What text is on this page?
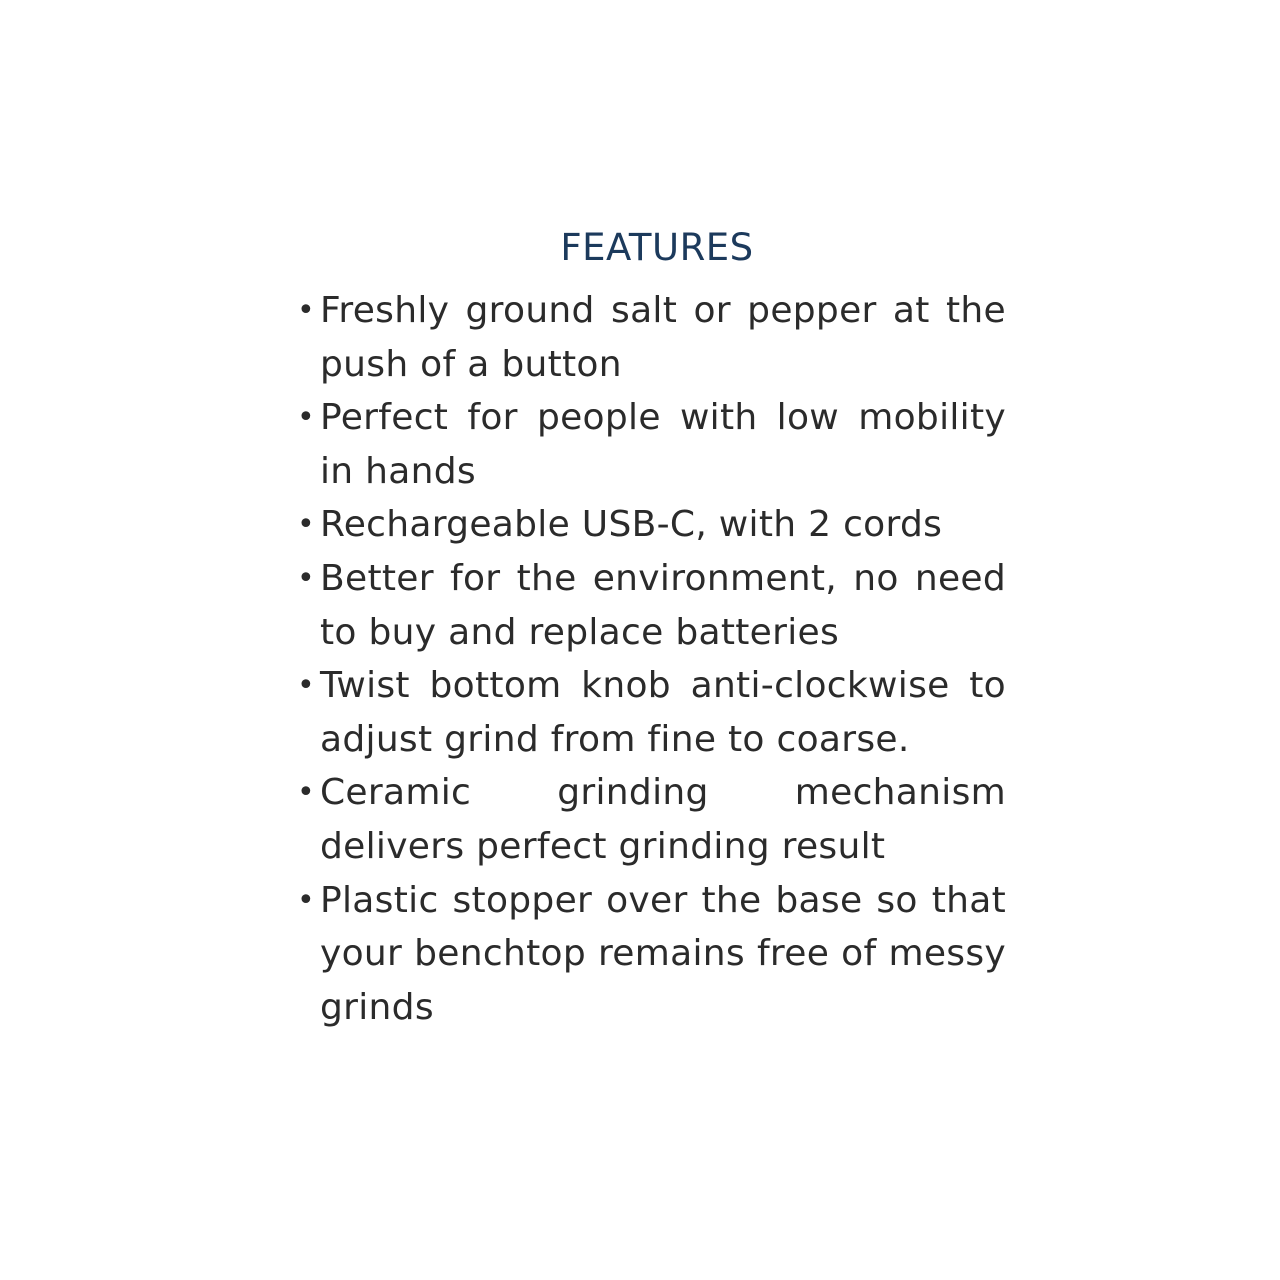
FEATURES
• Freshly ground salt or pepper at the push of a button
• Perfect for people with low mobility in hands
• Rechargeable USB-C, with 2 cords
• Better for the environment, no need to buy and replace batteries
• Twist bottom knob anti-clockwise to adjust grind from fine to coarse.
• Ceramic grinding mechanism delivers perfect grinding result
• Plastic stopper over the base so that your benchtop remains free of messy grinds
